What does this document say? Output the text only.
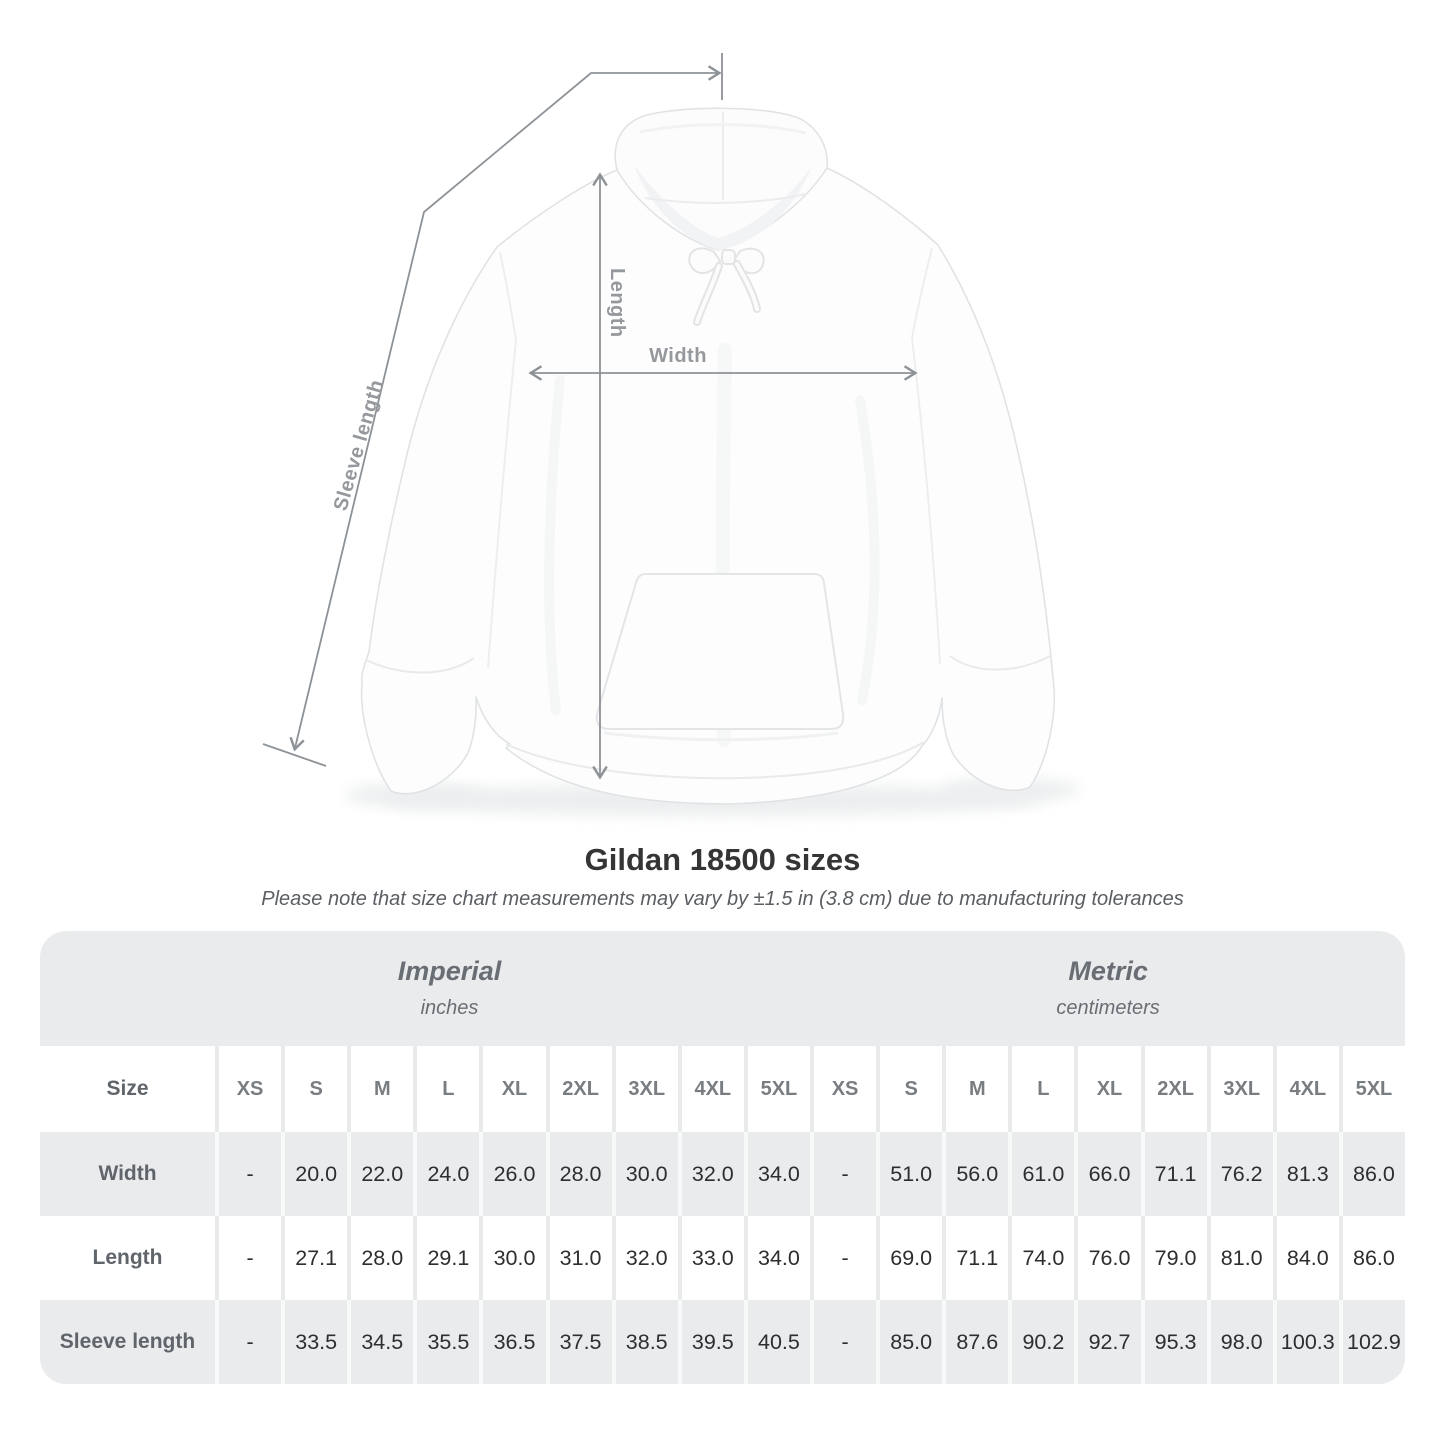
Length
Width
Sleeve length
Gildan 18500 sizes

Please note that size chart measurements may vary by ±1.5 in (3.8 cm) due to manufacturing tolerances

Imperial
inches
Metric
centimeters
Size	XS	S	M	L	XL	2XL	3XL	4XL	5XL	XS	S	M	L	XL	2XL	3XL	4XL	5XL
Width	-	20.0	22.0	24.0	26.0	28.0	30.0	32.0	34.0	-	51.0	56.0	61.0	66.0	71.1	76.2	81.3	86.0
Length	-	27.1	28.0	29.1	30.0	31.0	32.0	33.0	34.0	-	69.0	71.1	74.0	76.0	79.0	81.0	84.0	86.0
Sleeve length	-	33.5	34.5	35.5	36.5	37.5	38.5	39.5	40.5	-	85.0	87.6	90.2	92.7	95.3	98.0 100.3 102.9
